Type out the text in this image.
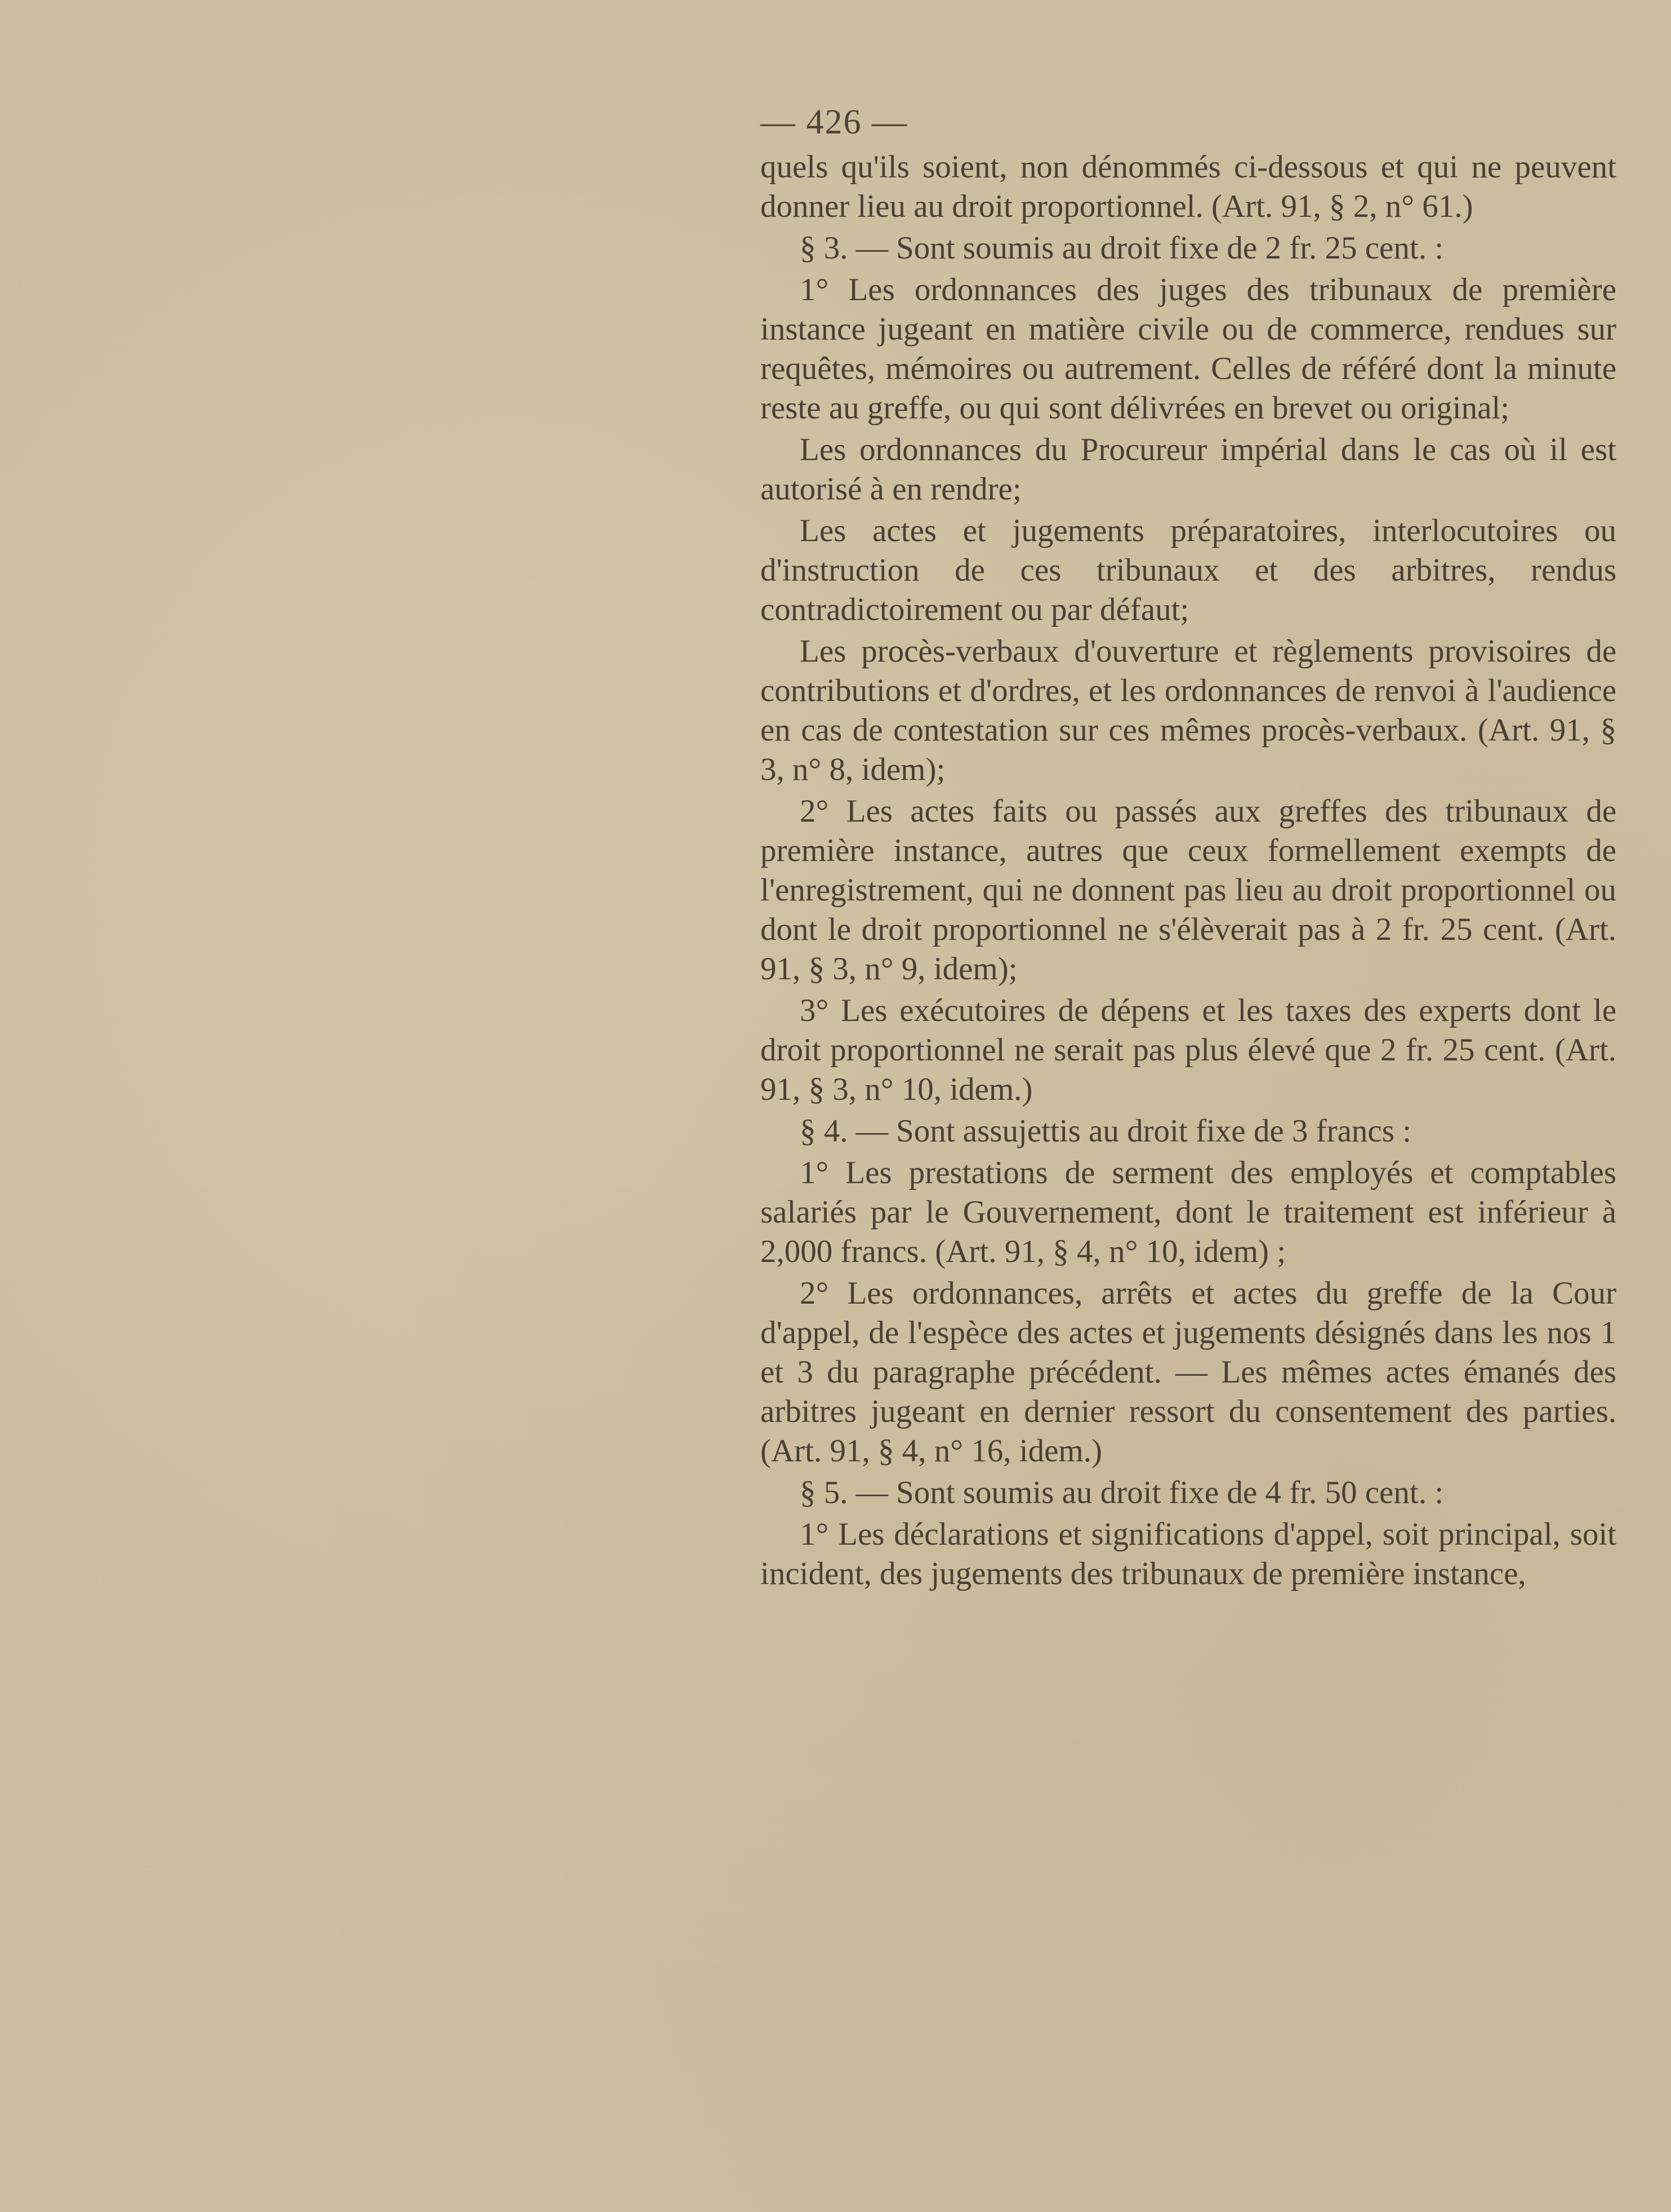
— 426 —

quels qu'ils soient, non dénommés ci-dessous et qui ne peuvent donner lieu au droit proportionnel. (Art. 91, § 2, n° 61.)

§ 3. — Sont soumis au droit fixe de 2 fr. 25 cent. :

1° Les ordonnances des juges des tribunaux de première instance jugeant en matière civile ou de commerce, rendues sur requêtes, mémoires ou autrement. Celles de référé dont la minute reste au greffe, ou qui sont délivrées en brevet ou original;

Les ordonnances du Procureur impérial dans le cas où il est autorisé à en rendre;

Les actes et jugements préparatoires, interlocutoires ou d'instruction de ces tribunaux et des arbitres, rendus contradictoirement ou par défaut;

Les procès-verbaux d'ouverture et règlements provisoires de contributions et d'ordres, et les ordonnances de renvoi à l'audience en cas de contestation sur ces mêmes procès-verbaux. (Art. 91, § 3, n° 8, idem);

2° Les actes faits ou passés aux greffes des tribunaux de première instance, autres que ceux formellement exempts de l'enregistrement, qui ne donnent pas lieu au droit proportionnel ou dont le droit proportionnel ne s'élèverait pas à 2 fr. 25 cent. (Art. 91, § 3, n° 9, idem);

3° Les exécutoires de dépens et les taxes des experts dont le droit proportionnel ne serait pas plus élevé que 2 fr. 25 cent. (Art. 91, § 3, n° 10, idem.)

§ 4. — Sont assujettis au droit fixe de 3 francs :

1° Les prestations de serment des employés et comptables salariés par le Gouvernement, dont le traitement est inférieur à 2,000 francs. (Art. 91, § 4, n° 10, idem) ;

2° Les ordonnances, arrêts et actes du greffe de la Cour d'appel, de l'espèce des actes et jugements désignés dans les nos 1 et 3 du paragraphe précédent. — Les mêmes actes émanés des arbitres jugeant en dernier ressort du consentement des parties. (Art. 91, § 4, n° 16, idem.)

§ 5. — Sont soumis au droit fixe de 4 fr. 50 cent. :

1° Les déclarations et significations d'appel, soit principal, soit incident, des jugements des tribunaux de première instance,
